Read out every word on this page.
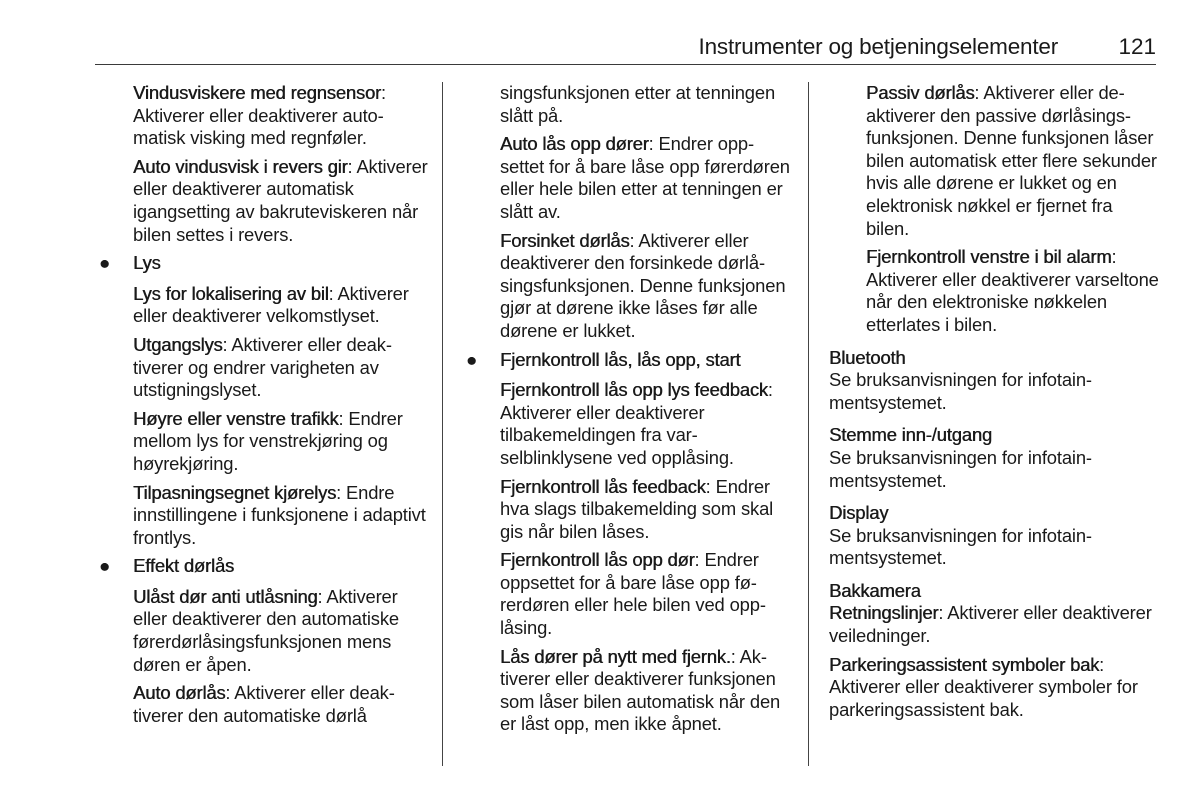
Instrumenter og betjeningselementer	121

Vindusviskere med regnsensor: Aktiverer eller deaktiverer automatisk visking med regnføler.

Auto vindusvisk i revers gir: Aktiverer eller deaktiverer automatisk igangsetting av bakruteviskeren når bilen settes i revers.

● Lys

Lys for lokalisering av bil: Aktiverer eller deaktiverer velkomstlyset.

Utgangslys: Aktiverer eller deaktiverer og endrer varigheten av utstigningslyset.

Høyre eller venstre trafikk: Endrer mellom lys for venstrekjøring og høyrekjøring.

Tilpasningsegnet kjørelys: Endre innstillingene i funksjonene i adaptivt frontlys.

● Effekt dørlås

Ulåst dør anti utlåsning: Aktiverer eller deaktiverer den automatiske førerdørlåsingsfunksjonen mens døren er åpen.

Auto dørlås: Aktiverer eller deaktiverer den automatiske dørlå

singsfunksjonen etter at tenningen slått på.

Auto lås opp dører: Endrer oppsettet for å bare låse opp førerdøren eller hele bilen etter at tenningen er slått av.

Forsinket dørlås: Aktiverer eller deaktiverer den forsinkede dørlåsingsfunksjonen. Denne funksjonen gjør at dørene ikke låses før alle dørene er lukket.

● Fjernkontroll lås, lås opp, start

Fjernkontroll lås opp lys feedback: Aktiverer eller deaktiverer tilbakemeldingen fra varselblinklysene ved opplåsing.

Fjernkontroll lås feedback: Endrer hva slags tilbakemelding som skal gis når bilen låses.

Fjernkontroll lås opp dør: Endrer oppsettet for å bare låse opp førerdøren eller hele bilen ved opplåsing.

Lås dører på nytt med fjernk.: Aktiverer eller deaktiverer funksjonen som låser bilen automatisk når den er låst opp, men ikke åpnet.

Passiv dørlås: Aktiverer eller deaktiverer den passive dørlåsingsfunksjonen. Denne funksjonen låser bilen automatisk etter flere sekunder hvis alle dørene er lukket og en elektronisk nøkkel er fjernet fra bilen.

Fjernkontroll venstre i bil alarm: Aktiverer eller deaktiverer varseltone når den elektroniske nøkkelen etterlates i bilen.

Bluetooth
Se bruksanvisningen for infotainmentsystemet.
Stemme inn-/utgang
Se bruksanvisningen for infotainmentsystemet.
Display
Se bruksanvisningen for infotainmentsystemet.
Bakkamera

Retningslinjer: Aktiverer eller deaktiverer veiledninger.

Parkeringsassistent symboler bak: Aktiverer eller deaktiverer symboler for parkeringsassistent bak.
